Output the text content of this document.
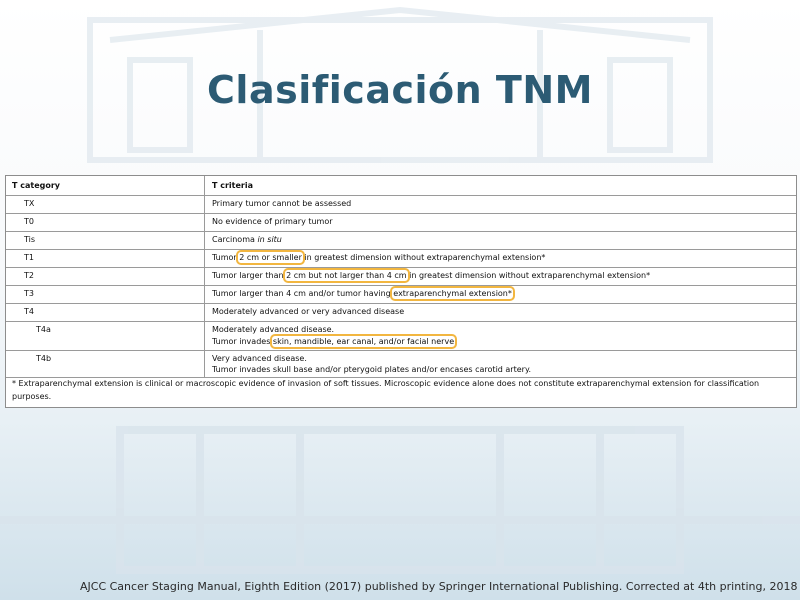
Clasificación TNM
T category	T criteria
TX	Primary tumor cannot be assessed
T0	No evidence of primary tumor
Tis	Carcinoma in situ
T1	Tumor 2 cm or smaller in greatest dimension without extraparenchymal extension*
T2	Tumor larger than 2 cm but not larger than 4 cm in greatest dimension without extraparenchymal extension*
T3	Tumor larger than 4 cm and/or tumor having extraparenchymal extension*
T4	Moderately advanced or very advanced disease
T4a	Moderately advanced disease.
Tumor invades skin, mandible, ear canal, and/or facial nerve
T4b	Very advanced disease.
Tumor invades skull base and/or pterygoid plates and/or encases carotid artery.
* Extraparenchymal extension is clinical or macroscopic evidence of invasion of soft tissues. Microscopic evidence alone does not constitute extraparenchymal extension for classification purposes.
AJCC Cancer Staging Manual, Eighth Edition (2017) published by Springer International Publishing. Corrected at 4th printing, 2018
